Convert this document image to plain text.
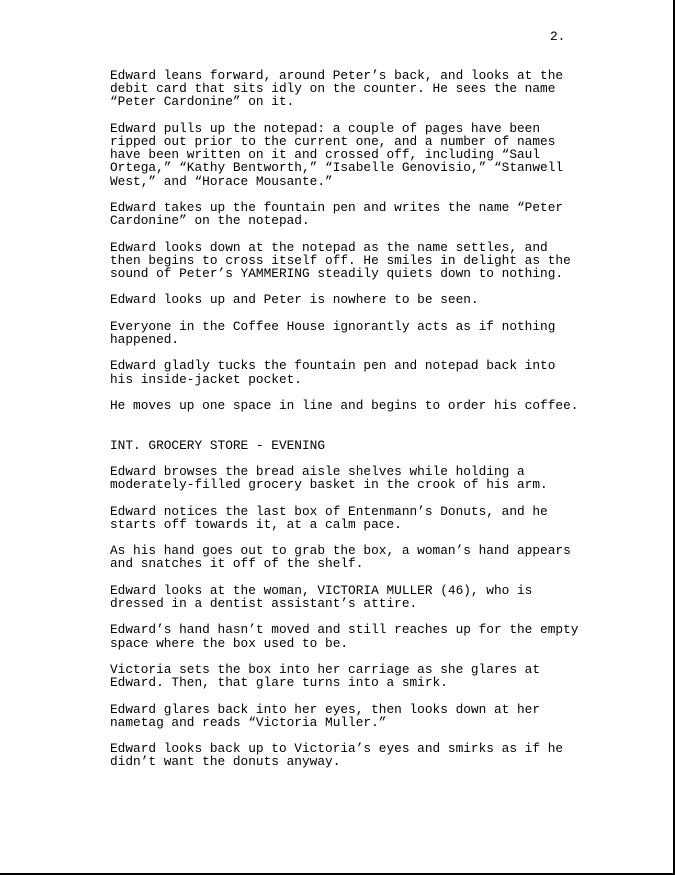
2.

Edward leans forward, around Peter’s back, and looks at the
debit card that sits idly on the counter. He sees the name
“Peter Cardonine” on it.

Edward pulls up the notepad: a couple of pages have been
ripped out prior to the current one, and a number of names
have been written on it and crossed off, including “Saul
Ortega,” “Kathy Bentworth,” “Isabelle Genovisio,” “Stanwell
West,” and “Horace Mousante.”

Edward takes up the fountain pen and writes the name “Peter
Cardonine” on the notepad.

Edward looks down at the notepad as the name settles, and
then begins to cross itself off. He smiles in delight as the
sound of Peter’s YAMMERING steadily quiets down to nothing.

Edward looks up and Peter is nowhere to be seen.

Everyone in the Coffee House ignorantly acts as if nothing
happened.

Edward gladly tucks the fountain pen and notepad back into
his inside-jacket pocket.

He moves up one space in line and begins to order his coffee.

INT. GROCERY STORE - EVENING

Edward browses the bread aisle shelves while holding a
moderately-filled grocery basket in the crook of his arm.

Edward notices the last box of Entenmann’s Donuts, and he
starts off towards it, at a calm pace.

As his hand goes out to grab the box, a woman’s hand appears
and snatches it off of the shelf.

Edward looks at the woman, VICTORIA MULLER (46), who is
dressed in a dentist assistant’s attire.

Edward’s hand hasn’t moved and still reaches up for the empty
space where the box used to be.

Victoria sets the box into her carriage as she glares at
Edward. Then, that glare turns into a smirk.

Edward glares back into her eyes, then looks down at her
nametag and reads “Victoria Muller.”

Edward looks back up to Victoria’s eyes and smirks as if he
didn’t want the donuts anyway.
